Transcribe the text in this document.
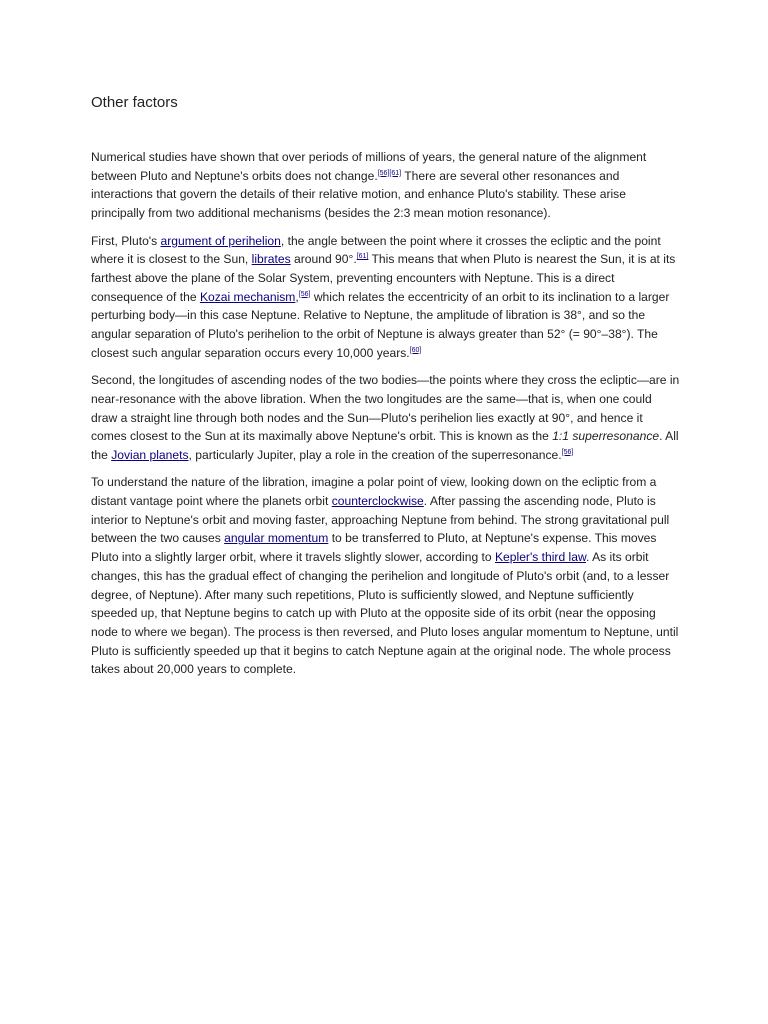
Other factors

Numerical studies have shown that over periods of millions of years, the general nature of the alignment between Pluto and Neptune's orbits does not change.[56][61] There are several other resonances and interactions that govern the details of their relative motion, and enhance Pluto's stability. These arise principally from two additional mechanisms (besides the 2:3 mean motion resonance).

First, Pluto's argument of perihelion, the angle between the point where it crosses the ecliptic and the point where it is closest to the Sun, librates around 90°.[61] This means that when Pluto is nearest the Sun, it is at its farthest above the plane of the Solar System, preventing encounters with Neptune. This is a direct consequence of the Kozai mechanism,[56] which relates the eccentricity of an orbit to its inclination to a larger perturbing body—in this case Neptune. Relative to Neptune, the amplitude of libration is 38°, and so the angular separation of Pluto's perihelion to the orbit of Neptune is always greater than 52° (= 90°–38°). The closest such angular separation occurs every 10,000 years.[60]

Second, the longitudes of ascending nodes of the two bodies—the points where they cross the ecliptic—are in near-resonance with the above libration. When the two longitudes are the same—that is, when one could draw a straight line through both nodes and the Sun—Pluto's perihelion lies exactly at 90°, and hence it comes closest to the Sun at its maximally above Neptune's orbit. This is known as the 1:1 superresonance. All the Jovian planets, particularly Jupiter, play a role in the creation of the superresonance.[56]

To understand the nature of the libration, imagine a polar point of view, looking down on the ecliptic from a distant vantage point where the planets orbit counterclockwise. After passing the ascending node, Pluto is interior to Neptune's orbit and moving faster, approaching Neptune from behind. The strong gravitational pull between the two causes angular momentum to be transferred to Pluto, at Neptune's expense. This moves Pluto into a slightly larger orbit, where it travels slightly slower, according to Kepler's third law. As its orbit changes, this has the gradual effect of changing the perihelion and longitude of Pluto's orbit (and, to a lesser degree, of Neptune). After many such repetitions, Pluto is sufficiently slowed, and Neptune sufficiently speeded up, that Neptune begins to catch up with Pluto at the opposite side of its orbit (near the opposing node to where we began). The process is then reversed, and Pluto loses angular momentum to Neptune, until Pluto is sufficiently speeded up that it begins to catch Neptune again at the original node. The whole process takes about 20,000 years to complete.
